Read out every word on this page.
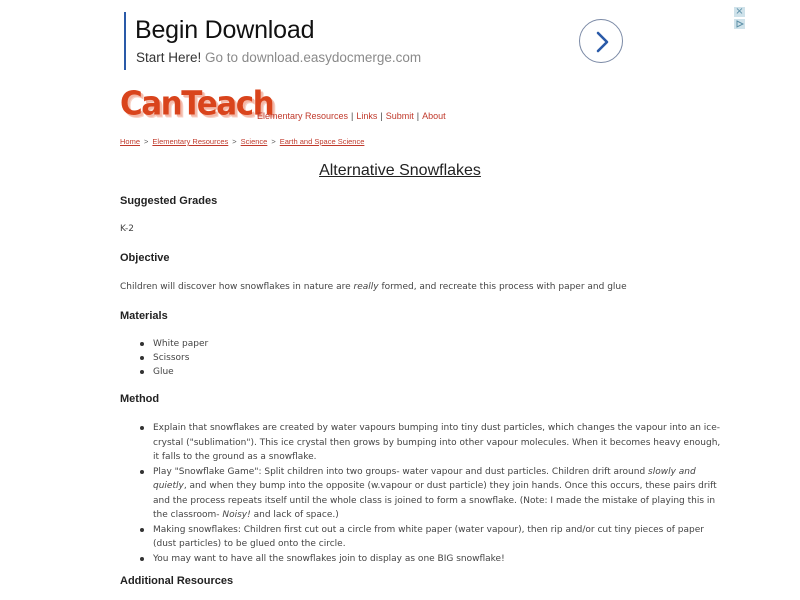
Begin Download
Start Here! Go to download.easydocmerge.com
×
CanTeach
Elementary Resources | Links | Submit | About
Home > Elementary Resources > Science > Earth and Space Science
Alternative Snowflakes
Suggested Grades
K-2
Objective
Children will discover how snowflakes in nature are really formed, and recreate this process with paper and glue
Materials
White paper
Scissors
Glue
Method
Explain that snowflakes are created by water vapours bumping into tiny dust particles, which changes the vapour into an ice-crystal ("sublimation"). This ice crystal then grows by bumping into other vapour molecules. When it becomes heavy enough, it falls to the ground as a snowflake.
Play "Snowflake Game": Split children into two groups- water vapour and dust particles. Children drift around slowly and quietly, and when they bump into the opposite (w.vapour or dust particle) they join hands. Once this occurs, these pairs drift and the process repeats itself until the whole class is joined to form a snowflake. (Note: I made the mistake of playing this in the classroom- Noisy! and lack of space.)
Making snowflakes: Children first cut out a circle from white paper (water vapour), then rip and/or cut tiny pieces of paper (dust particles) to be glued onto the circle.
You may want to have all the snowflakes join to display as one BIG snowflake!
Additional Resources
